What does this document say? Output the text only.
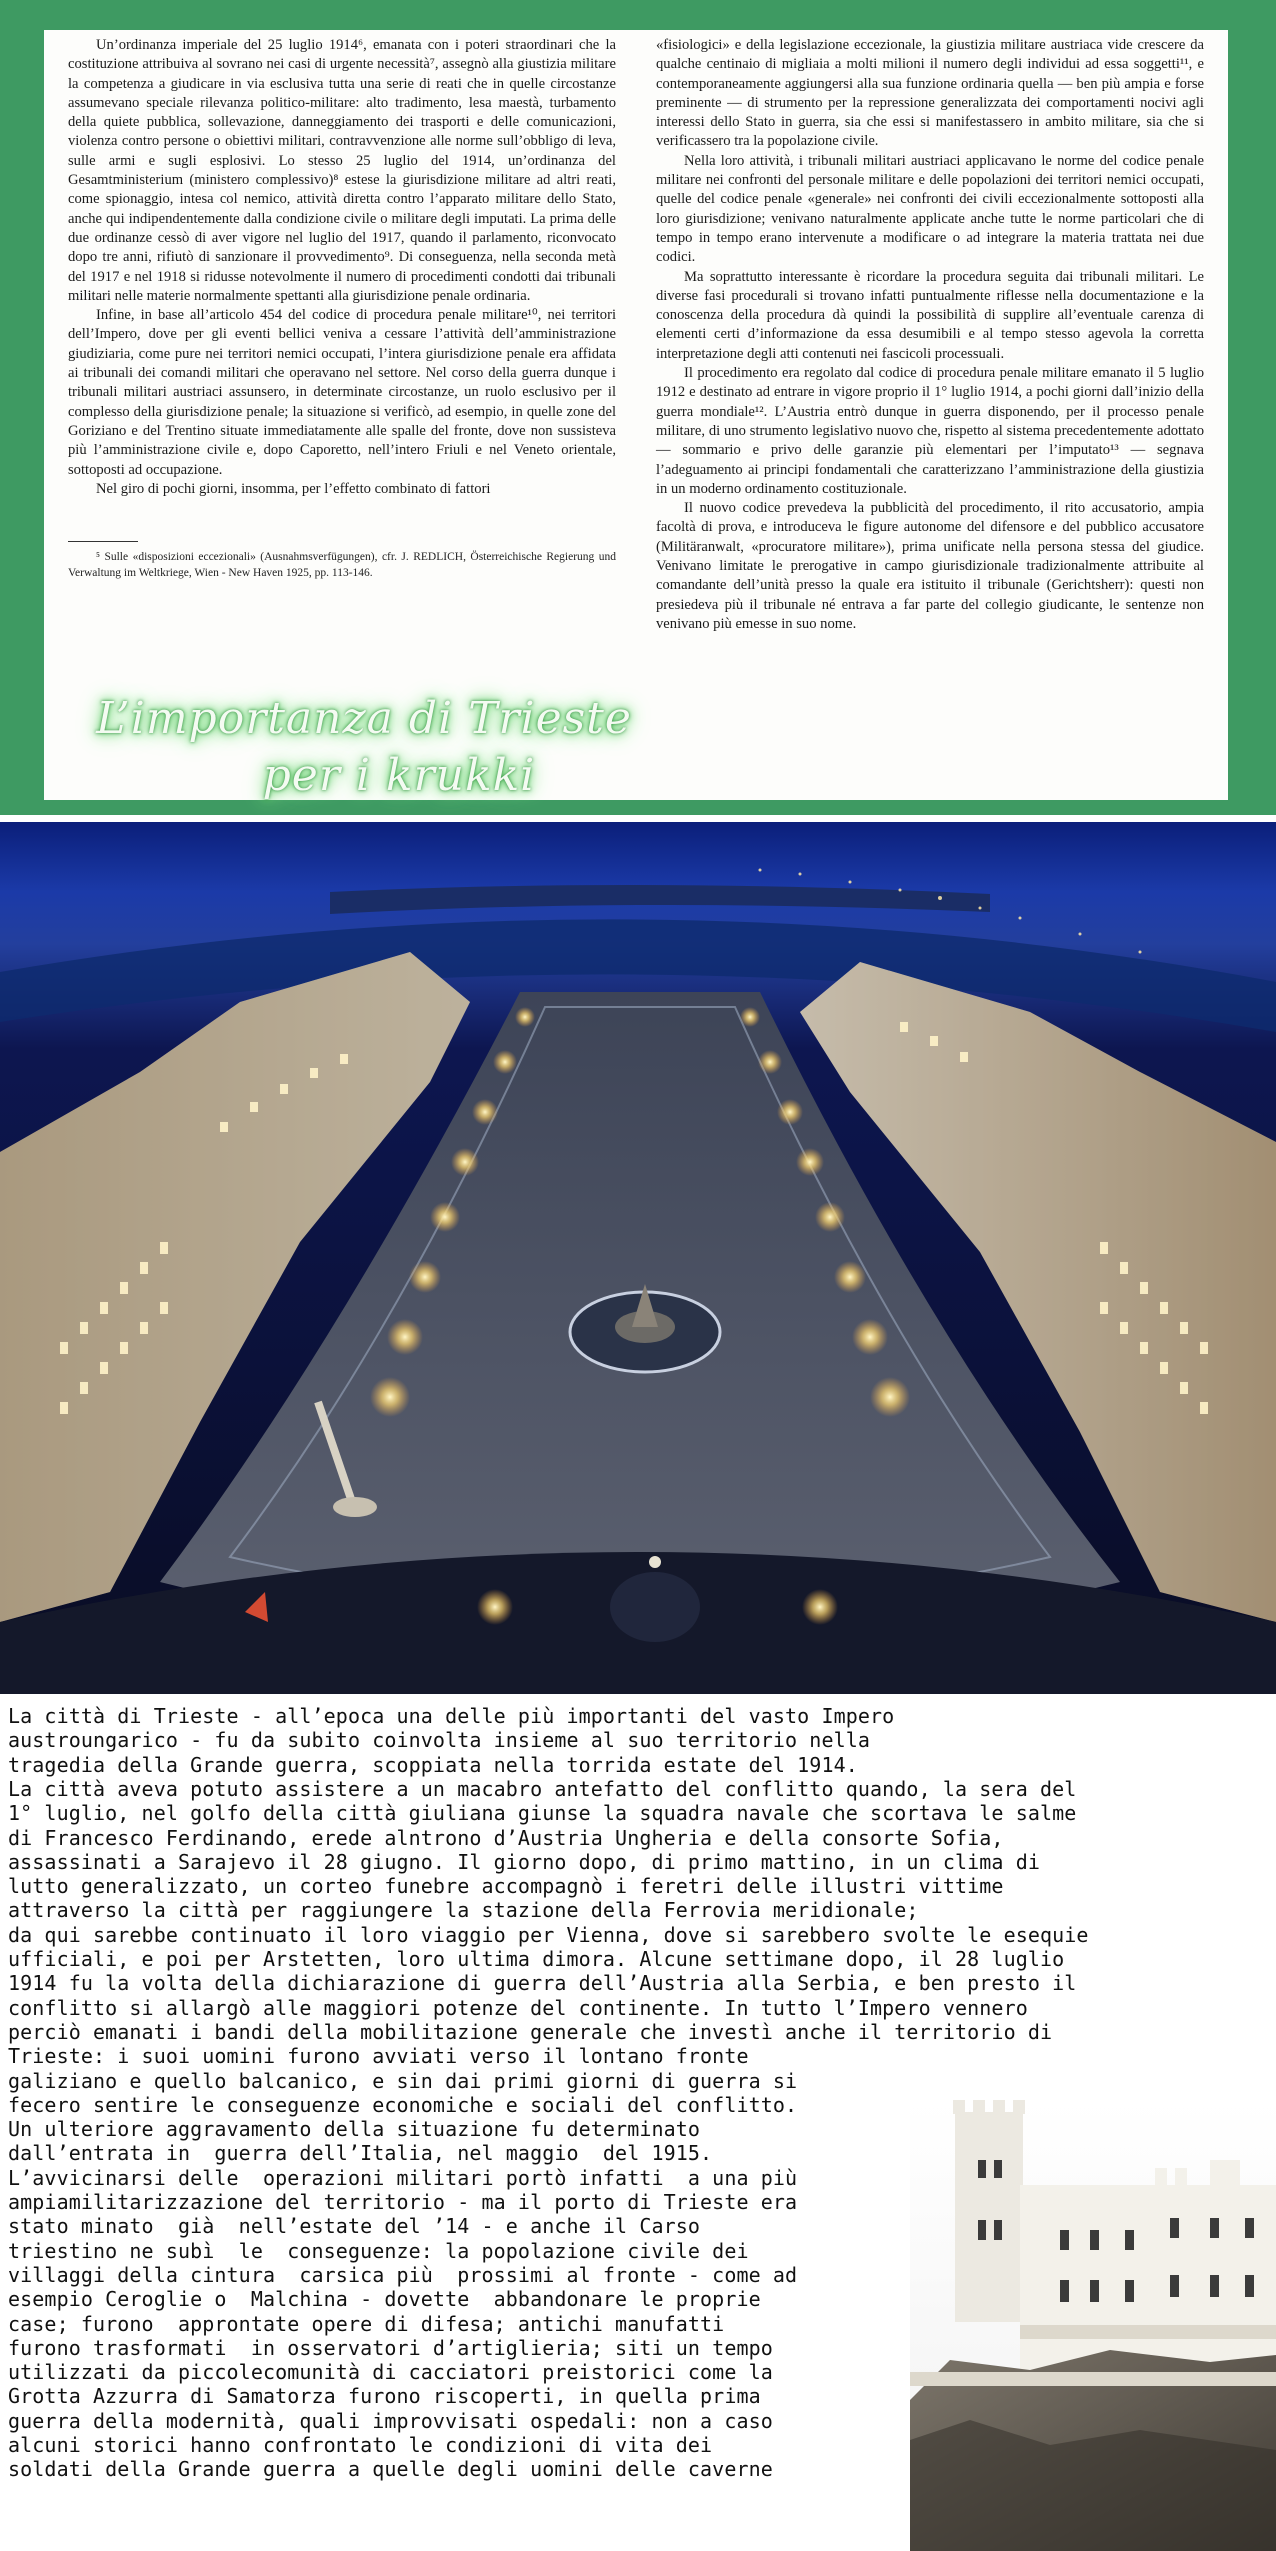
Un’ordinanza imperiale del 25 luglio 1914⁶, emanata con i poteri straordinari che la costituzione attribuiva al sovrano nei casi di urgente necessità⁷, assegnò alla giustizia militare la competenza a giudicare in via esclusiva tutta una serie di reati che in quelle circostanze assumevano speciale rilevanza politico-militare: alto tradimento, lesa maestà, turbamento della quiete pubblica, sollevazione, danneggiamento dei trasporti e delle comunicazioni, violenza contro persone o obiettivi militari, contravvenzione alle norme sull’obbligo di leva, sulle armi e sugli esplosivi. Lo stesso 25 luglio del 1914, un’ordinanza del Gesamtministerium (ministero complessivo)⁸ estese la giurisdizione militare ad altri reati, come spionaggio, intesa col nemico, attività diretta contro l’apparato militare dello Stato, anche qui indipendentemente dalla condizione civile o militare degli imputati. La prima delle due ordinanze cessò di aver vigore nel luglio del 1917, quando il parlamento, riconvocato dopo tre anni, rifiutò di sanzionare il provvedimento⁹. Di conseguenza, nella seconda metà del 1917 e nel 1918 si ridusse notevolmente il numero di procedimenti condotti dai tribunali militari nelle materie normalmente spettanti alla giurisdizione penale ordinaria.

Infine, in base all’articolo 454 del codice di procedura penale militare¹⁰, nei territori dell’Impero, dove per gli eventi bellici veniva a cessare l’attività dell’amministrazione giudiziaria, come pure nei territori nemici occupati, l’intera giurisdizione penale era affidata ai tribunali dei comandi militari che operavano nel settore. Nel corso della guerra dunque i tribunali militari austriaci assunsero, in determinate circostanze, un ruolo esclusivo per il complesso della giurisdizione penale; la situazione si verificò, ad esempio, in quelle zone del Goriziano e del Trentino situate immediatamente alle spalle del fronte, dove non sussisteva più l’amministrazione civile e, dopo Caporetto, nell’intero Friuli e nel Veneto orientale, sottoposti ad occupazione.

Nel giro di pochi giorni, insomma, per l’effetto combinato di fattori

⁵ Sulle «disposizioni eccezionali» (Ausnahmsverfügungen), cfr. J. REDLICH, Österreichische Regierung und Verwaltung im Weltkriege, Wien - New Haven 1925, pp. 113-146.

«fisiologici» e della legislazione eccezionale, la giustizia militare austriaca vide crescere da qualche centinaio di migliaia a molti milioni il numero degli individui ad essa soggetti¹¹, e contemporaneamente aggiungersi alla sua funzione ordinaria quella — ben più ampia e forse preminente — di strumento per la repressione generalizzata dei comportamenti nocivi agli interessi dello Stato in guerra, sia che essi si manifestassero in ambito militare, sia che si verificassero tra la popolazione civile.

Nella loro attività, i tribunali militari austriaci applicavano le norme del codice penale militare nei confronti del personale militare e delle popolazioni dei territori nemici occupati, quelle del codice penale «generale» nei confronti dei civili eccezionalmente sottoposti alla loro giurisdizione; venivano naturalmente applicate anche tutte le norme particolari che di tempo in tempo erano intervenute a modificare o ad integrare la materia trattata nei due codici.

Ma soprattutto interessante è ricordare la procedura seguita dai tribunali militari. Le diverse fasi procedurali si trovano infatti puntualmente riflesse nella documentazione e la conoscenza della procedura dà quindi la possibilità di supplire all’eventuale carenza di elementi certi d’informazione da essa desumibili e al tempo stesso agevola la corretta interpretazione degli atti contenuti nei fascicoli processuali.

Il procedimento era regolato dal codice di procedura penale militare emanato il 5 luglio 1912 e destinato ad entrare in vigore proprio il 1° luglio 1914, a pochi giorni dall’inizio della guerra mondiale¹². L’Austria entrò dunque in guerra disponendo, per il processo penale militare, di uno strumento legislativo nuovo che, rispetto al sistema precedentemente adottato — sommario e privo delle garanzie più elementari per l’imputato¹³ — segnava l’adeguamento ai principi fondamentali che caratterizzano l’amministrazione della giustizia in un moderno ordinamento costituzionale.

Il nuovo codice prevedeva la pubblicità del procedimento, il rito accusatorio, ampia facoltà di prova, e introduceva le figure autonome del difensore e del pubblico accusatore (Militäranwalt, «procuratore militare»), prima unificate nella persona stessa del giudice. Venivano limitate le prerogative in campo giurisdizionale tradizionalmente attribuite al comandante dell’unità presso la quale era istituito il tribunale (Gerichtsherr): questi non presiedeva più il tribunale né entrava a far parte del collegio giudicante, le sentenze non venivano più emesse in suo nome.

L’importanza di Trieste
per i krukki
La città di Trieste - all’epoca una delle più importanti del vasto Impero
austroungarico - fu da subito coinvolta insieme al suo territorio nella
tragedia della Grande guerra, scoppiata nella torrida estate del 1914.
La città aveva potuto assistere a un macabro antefatto del conflitto quando, la sera del
1° luglio, nel golfo della città giuliana giunse la squadra navale che scortava le salme
di Francesco Ferdinando, erede alntrono d’Austria Ungheria e della consorte Sofia,
assassinati a Sarajevo il 28 giugno. Il giorno dopo, di primo mattino, in un clima di
lutto generalizzato, un corteo funebre accompagnò i feretri delle illustri vittime
attraverso la città per raggiungere la stazione della Ferrovia meridionale;
da qui sarebbe continuato il loro viaggio per Vienna, dove si sarebbero svolte le esequie
ufficiali, e poi per Arstetten, loro ultima dimora. Alcune settimane dopo, il 28 luglio
1914 fu la volta della dichiarazione di guerra dell’Austria alla Serbia, e ben presto il
conflitto si allargò alle maggiori potenze del continente. In tutto l’Impero vennero
perciò emanati i bandi della mobilitazione generale che investì anche il territorio di
Trieste: i suoi uomini furono avviati verso il lontano fronte
galiziano e quello balcanico, e sin dai primi giorni di guerra si
fecero sentire le conseguenze economiche e sociali del conflitto.
Un ulteriore aggravamento della situazione fu determinato
dall’entrata in  guerra dell’Italia, nel maggio  del 1915.
L’avvicinarsi delle  operazioni militari portò infatti  a una più
ampiamilitarizzazione del territorio - ma il porto di Trieste era
stato minato  già  nell’estate del ’14 - e anche il Carso
triestino ne subì  le  conseguenze: la popolazione civile dei
villaggi della cintura  carsica più  prossimi al fronte - come ad
esempio Ceroglie o  Malchina - dovette  abbandonare le proprie
case; furono  approntate opere di difesa; antichi manufatti
furono trasformati  in osservatori d’artiglieria; siti un tempo
utilizzati da piccolecomunità di cacciatori preistorici come la
Grotta Azzurra di Samatorza furono riscoperti, in quella prima
guerra della modernità, quali improvvisati ospedali: non a caso
alcuni storici hanno confrontato le condizioni di vita dei
soldati della Grande guerra a quelle degli uomini delle caverne
